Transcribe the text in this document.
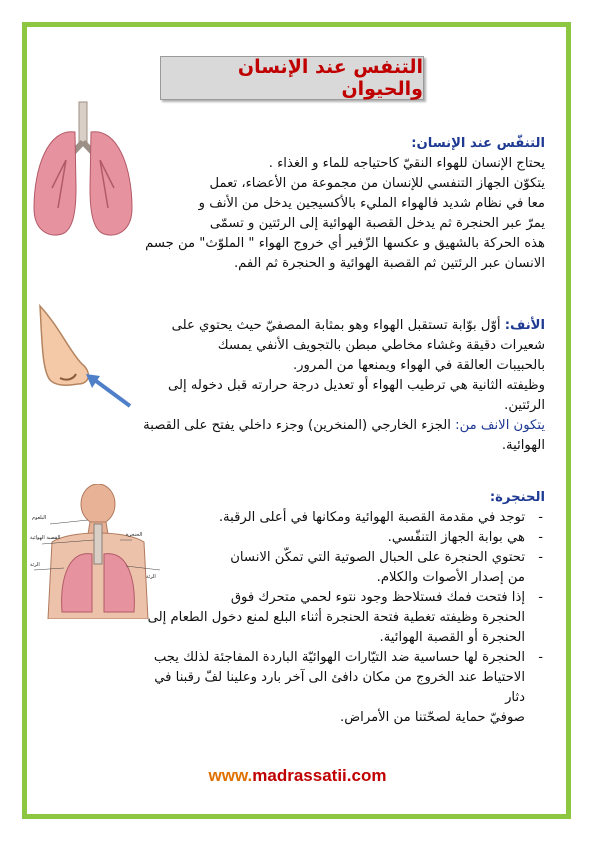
التنفس عند الإنسان والحيوان
التنفّس عند الإنسان:
يحتاج الإنسان للهواء النقيّ كاحتياجه للماء و الغذاء .
يتكوّن الجهاز التنفسي للإنسان من مجموعة من الأعضاء، تعمل
معا في نظام شديد فالهواء المليء بالأكسيجين يدخل من الأنف و
يمرّ عبر الحنجرة ثم يدخل القصبة الهوائية إلى الرئتين و تسمّى
هذه الحركة بالشهيق و عكسها الزّفير أي خروج الهواء " الملوّث" من جسم
الانسان عبر الرئتين ثم القصبة الهوائية و الحنجرة ثم الفم.
الأنف: أوّل بوّابة تستقبل الهواء وهو بمثابة المصفيّ حيث يحتوي على
شعيرات دقيقة وغشاء مخاطي مبطن بالتجويف الأنفي يمسك
بالحبيبات العالقة في الهواء ويمنعها من المرور.
وظيفته الثانية هي ترطيب الهواء أو تعديل درجة حرارته قبل دخوله إلى
الرئتين.
يتكون الانف من: الجزء الخارجي (المنخرين) وجزء داخلي يفتح على القصبة
الهوائية.
البلعوم
القصبة الهوائية	الحنجرة
الرئة
الرئة
الحنجرة:
- توجد في مقدمة القصبة الهوائية ومكانها في أعلى الرقبة.
- هي بوابة الجهاز التنفّسي.
- تحتوي الحنجرة على الحبال الصوتية التي تمكّن الانسان
من إصدار الأصوات والكلام.
- إذا فتحت فمك فستلاحظ وجود نتوء لحمي متحرك فوق
الحنجرة وظيفته تغطية فتحة الحنجرة أثناء البلع لمنع دخول الطعام إلى
الحنجرة أو القصبة الهوائية.
- الحنجرة لها حساسية ضد التيّارات الهوائيّة الباردة المفاجئة لذلك يجب
الاحتياط عند الخروج من مكان دافئ الى آخر بارد وعلينا لفّ رقبنا في دثار
صوفيّ حماية لصحّتنا من الأمراض.
www.madrassatii.com
